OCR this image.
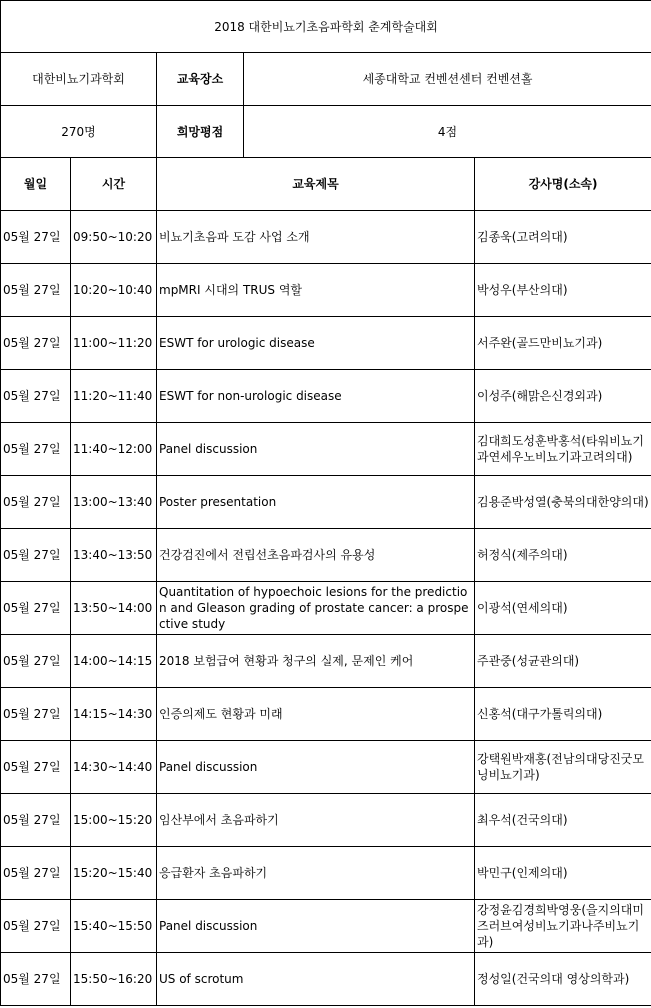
2018 대한비뇨기초음파학회 춘계학술대회				
대한비뇨기과학회		교육장소	세종대학교 컨벤션센터 컨벤션홀	
270명		희망평점	4점	
월일	시간	교육제목		강사명(소속)
05월 27일	09:50~10:20	비뇨기초음파 도감 사업 소개		김종욱(고려의대)
05월 27일	10:20~10:40	mpMRI 시대의 TRUS 역할		박성우(부산의대)
05월 27일	11:00~11:20	ESWT for urologic disease		서주완(골드만비뇨기과)
05월 27일	11:20~11:40	ESWT for non-urologic disease		이성주(해맑은신경외과)
05월 27일	11:40~12:00	Panel discussion		김대희도성훈박홍석(타워비뇨기과연세우노비뇨기과고려의대)
05월 27일	13:00~13:40	Poster presentation		김용준박성열(충북의대한양의대)
05월 27일	13:40~13:50	건강검진에서 전립선초음파검사의 유용성		허정식(제주의대)
05월 27일	13:50~14:00	Quantitation of hypoechoic lesions for the prediction and Gleason grading of prostate cancer: a prospective study		이광석(연세의대)
05월 27일	14:00~14:15	2018 보험급여 현황과 청구의 실제, 문제인 케어		주관중(성균관의대)
05월 27일	14:15~14:30	인증의제도 현황과 미래		신홍석(대구가톨릭의대)
05월 27일	14:30~14:40	Panel discussion		강택원박재홍(전남의대당진굿모닝비뇨기과)
05월 27일	15:00~15:20	임산부에서 초음파하기		최우석(건국의대)
05월 27일	15:20~15:40	응급환자 초음파하기		박민구(인제의대)
05월 27일	15:40~15:50	Panel discussion		강정윤김경희박영웅(을지의대미즈러브여성비뇨기과나주비뇨기과)
05월 27일	15:50~16:20	US of scrotum		정성일(건국의대 영상의학과)
